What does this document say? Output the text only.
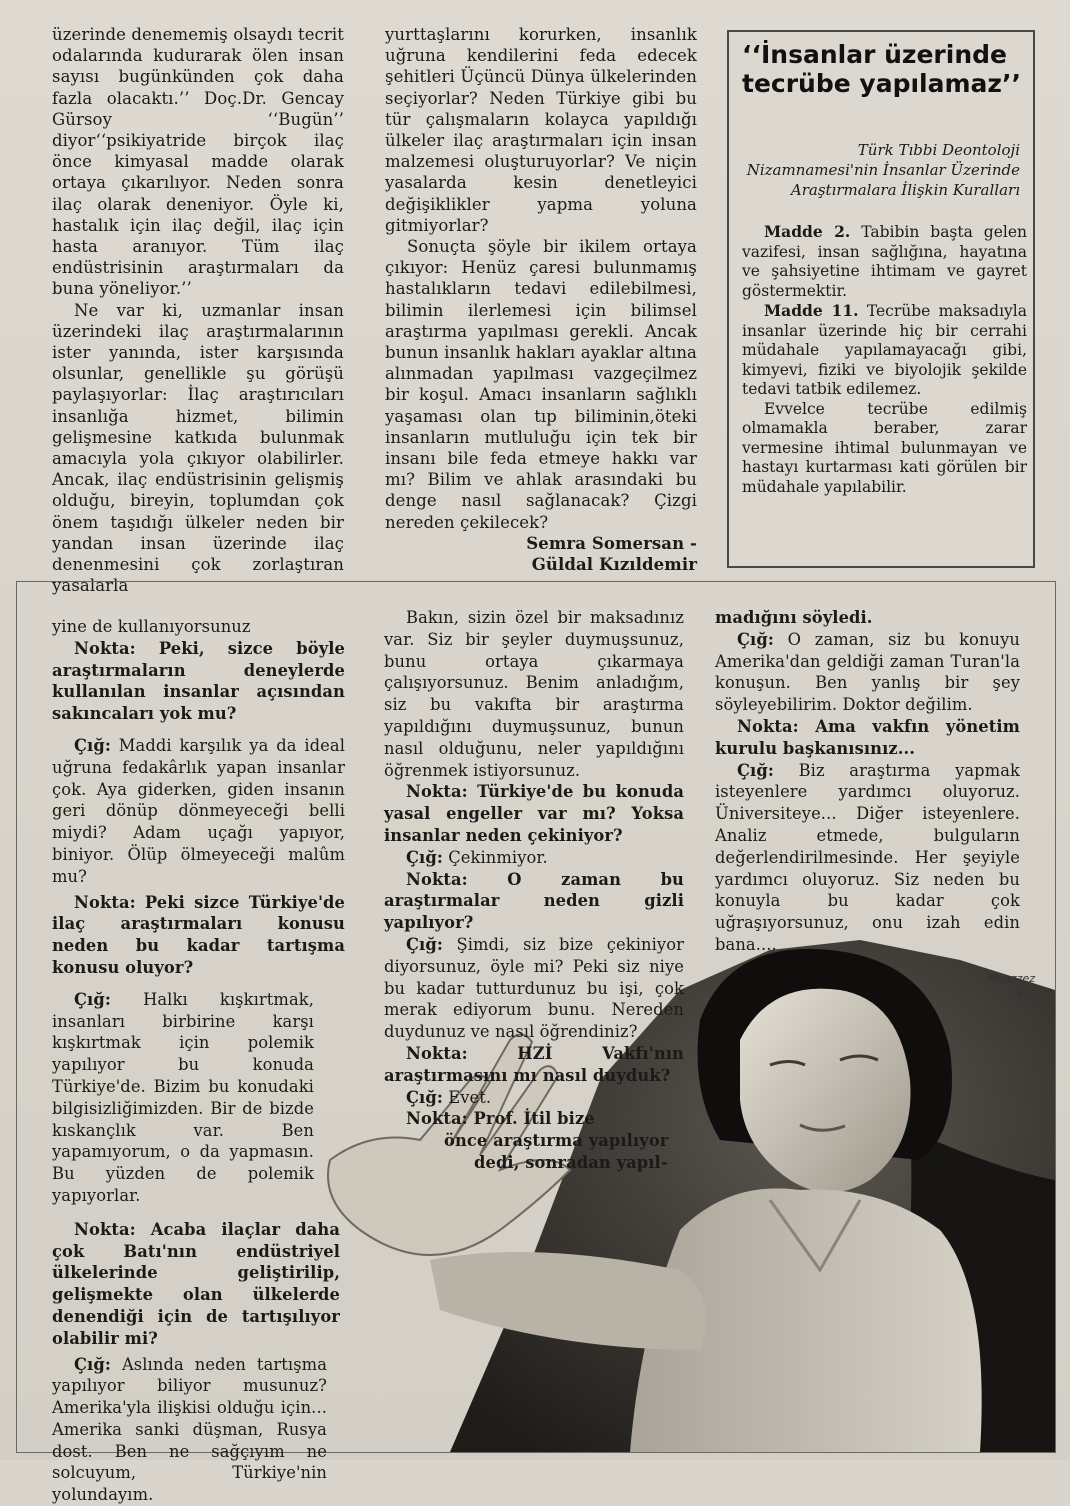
üzerinde denememiş olsaydı tecrit odalarında kudurarak ölen insan sayısı bugünkünden çok daha fazla olacaktı.’’ Doç.Dr. Gencay Gürsoy ‘‘Bugün’’ diyor‘‘psikiyatride birçok ilaç önce kimyasal madde olarak ortaya çıkarılıyor. Neden sonra ilaç olarak deneniyor. Öyle ki, hastalık için ilaç değil, ilaç için hasta aranıyor. Tüm ilaç endüstrisinin araştırmaları da buna yöneliyor.’’

Ne var ki, uzmanlar insan üzerindeki ilaç araştırmalarının ister yanında, ister karşısında olsunlar, genellikle şu görüşü paylaşıyorlar: İlaç araştırıcıları insanlığa hizmet, bilimin gelişmesine katkıda bulunmak amacıyla yola çıkıyor olabilirler. Ancak, ilaç endüstrisinin gelişmiş olduğu, bireyin, toplumdan çok önem taşıdığı ülkeler neden bir yandan insan üzerinde ilaç denenmesini çok zorlaştıran yasalarla

yurttaşlarını korurken, insanlık uğruna kendilerini feda edecek şehitleri Üçüncü Dünya ülkelerinden seçiyorlar? Neden Türkiye gibi bu tür çalışmaların kolayca yapıldığı ülkeler ilaç araştırmaları için insan malzemesi oluşturuyorlar? Ve niçin yasalarda kesin denetleyici değişiklikler yapma yoluna gitmiyorlar?

Sonuçta şöyle bir ikilem ortaya çıkıyor: Henüz çaresi bulunmamış hastalıkların tedavi edilebilmesi, bilimin ilerlemesi için bilimsel araştırma yapılması gerekli. Ancak bunun insanlık hakları ayaklar altına alınmadan yapılması vazgeçilmez bir koşul. Amacı insanların sağlıklı yaşaması olan tıp biliminin,öteki insanların mutluluğu için tek bir insanı bile feda etmeye hakkı var mı? Bilim ve ahlak arasındaki bu denge nasıl sağlanacak? Çizgi nereden çekilecek?

Semra Somersan -

Güldal Kızıldemir

‘‘İnsanlar üzerinde tecrübe yapılamaz’’
Türk Tıbbi Deontoloji Nizamnamesi'nin İnsanlar Üzerinde Araştırmalara İlişkin Kuralları

Madde 2. Tabibin başta gelen vazifesi, insan sağlığına, hayatına ve şahsiyetine ihtimam ve gayret göstermektir.

Madde 11. Tecrübe maksadıyla insanlar üzerinde hiç bir cerrahi müdahale yapılamayacağı gibi, kimyevi, fiziki ve biyolojik şekilde tedavi tatbik edilemez.

Evvelce tecrübe edilmiş olmamakla beraber, zarar vermesine ihtimal bulunmayan ve hastayı kurtarması kati görülen bir müdahale yapılabilir.

Muazzez
Çığ

yine de kullanıyorsunuz

Nokta: Peki, sizce böyle araştırmaların deneylerde kullanılan insanlar açısından sakıncaları yok mu?

Çığ: Maddi karşılık ya da ideal uğruna fedakârlık yapan insanlar çok. Aya giderken, giden insanın geri dönüp dönmeyeceği belli miydi? Adam uçağı yapıyor, biniyor. Ölüp ölmeyeceği malûm mu?

Nokta: Peki sizce Türkiye'de ilaç araştırmaları konusu neden bu kadar tartışma konusu oluyor?

Çığ: Halkı kışkırtmak, insanları birbirine karşı kışkırtmak için polemik yapılıyor bu konuda Türkiye'de. Bizim bu konudaki bilgisizliğimizden. Bir de bizde kıskançlık var. Ben yapamıyorum, o da yapmasın. Bu yüzden de polemik yapıyorlar.

Nokta: Acaba ilaçlar daha çok Batı'nın endüstriyel ülkelerinde geliştirilip, gelişmekte olan ülkelerde denendiği için de tartışılıyor olabilir mi?

Çığ: Aslında neden tartışma yapılıyor biliyor musunuz? Amerika'yla ilişkisi olduğu için... Amerika sanki düşman, Rusya dost. Ben ne sağçıyım ne solcuyum, Türkiye'nin yolundayım.

Bakın, sizin özel bir maksadınız var. Siz bir şeyler duymuşsunuz, bunu ortaya çıkarmaya çalışıyorsunuz. Benim anladığım, siz bu vakıfta bir araştırma yapıldığını duymuşsunuz, bunun nasıl olduğunu, neler yapıldığını öğrenmek istiyorsunuz.

Nokta: Türkiye'de bu konuda yasal engeller var mı? Yoksa insanlar neden çekiniyor?

Çığ: Çekinmiyor.

Nokta: O zaman bu araştırmalar neden gizli yapılıyor?

Çığ: Şimdi, siz bize çekiniyor diyorsunuz, öyle mi? Peki siz niye bu kadar tutturdunuz bu işi, çok merak ediyorum bunu. Nereden duydunuz ve nasıl öğrendiniz?

Nokta: HZİ Vakfı'nın araştırmasını mı nasıl duyduk?

Çığ: Evet.

Nokta: Prof. İtil bize

önce araştırma yapılıyor

dedi, sonradan yapıl-

madığını söyledi.

Çığ: O zaman, siz bu konuyu Amerika'dan geldiği zaman Turan'la konuşun. Ben yanlış bir şey söyleyebilirim. Doktor değilim.

Nokta: Ama vakfın yönetim kurulu başkanısınız...

Çığ: Biz araştırma yapmak isteyenlere yardımcı oluyoruz. Üniversiteye... Diğer isteyenlere. Analiz etmede, bulguların değerlendirilmesinde. Her şeyiyle yardımcı oluyoruz. Siz neden bu konuyla bu kadar çok uğraşıyorsunuz, onu izah edin bana....
